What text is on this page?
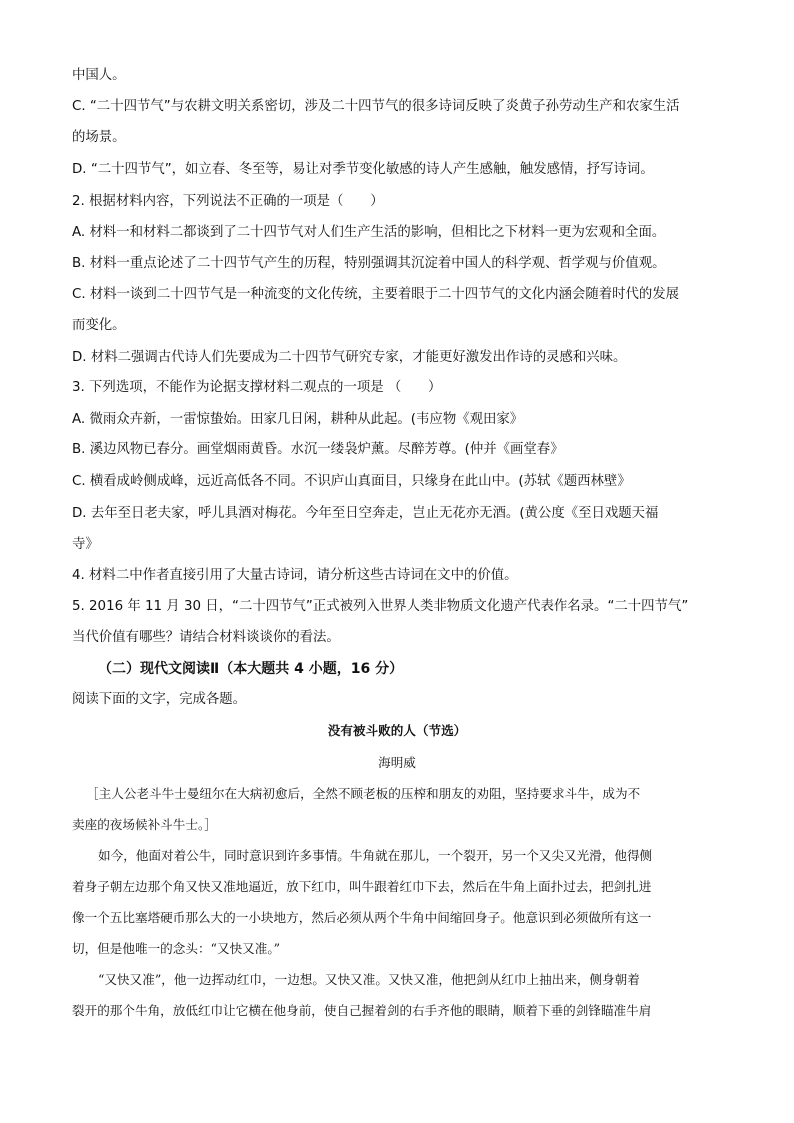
中国人。
C. “二十四节气”与农耕文明关系密切，涉及二十四节气的很多诗词反映了炎黄子孙劳动生产和农家生活
的场景。
D. “二十四节气”，如立春、冬至等，易让对季节变化敏感的诗人产生感触，触发感情，抒写诗词。
2. 根据材料内容，下列说法不正确的一项是（　　）
A. 材料一和材料二都谈到了二十四节气对人们生产生活的影响，但相比之下材料一更为宏观和全面。
B. 材料一重点论述了二十四节气产生的历程，特别强调其沉淀着中国人的科学观、哲学观与价值观。
C. 材料一谈到二十四节气是一种流变的文化传统，主要着眼于二十四节气的文化内涵会随着时代的发展
而变化。
D. 材料二强调古代诗人们先要成为二十四节气研究专家，才能更好激发出作诗的灵感和兴味。
3. 下列选项，不能作为论据支撑材料二观点的一项是 （　　）
A. 微雨众卉新，一雷惊蛰始。田家几日闲，耕种从此起。(韦应物《观田家》
B. 溪边风物已春分。画堂烟雨黄昏。水沉一缕袅炉薰。尽醉芳尊。(仲并《画堂春》
C. 横看成岭侧成峰，远近高低各不同。不识庐山真面目，只缘身在此山中。(苏轼《题西林壁》
D. 去年至日老夫家，呼儿具酒对梅花。今年至日空奔走，岂止无花亦无酒。(黄公度《至日戏题天福
寺》
4. 材料二中作者直接引用了大量古诗词，请分析这些古诗词在文中的价值。
5. 2016 年 11 月 30 日，“二十四节气”正式被列入世界人类非物质文化遗产代表作名录。“二十四节气”
当代价值有哪些？请结合材料谈谈你的看法。
（二）现代文阅读Ⅱ（本大题共 4 小题，16 分）
阅读下面的文字，完成各题。
没有被斗败的人（节选）
海明威
［主人公老斗牛士曼纽尔在大病初愈后，全然不顾老板的压榨和朋友的劝阻，坚持要求斗牛，成为不
卖座的夜场候补斗牛士。］
如今，他面对着公牛，同时意识到许多事情。牛角就在那儿，一个裂开，另一个又尖又光滑，他得侧
着身子朝左边那个角又快又准地逼近，放下红巾，叫牛跟着红巾下去，然后在牛角上面扑过去，把剑扎进
像一个五比塞塔硬币那么大的一小块地方，然后必须从两个牛角中间缩回身子。他意识到必须做所有这一
切，但是他唯一的念头：“又快又准。”
“又快又准”，他一边挥动红巾，一边想。又快又准。又快又准，他把剑从红巾上抽出来，侧身朝着
裂开的那个牛角，放低红巾让它横在他身前，使自己握着剑的右手齐他的眼睛，顺着下垂的剑锋瞄准牛肩
